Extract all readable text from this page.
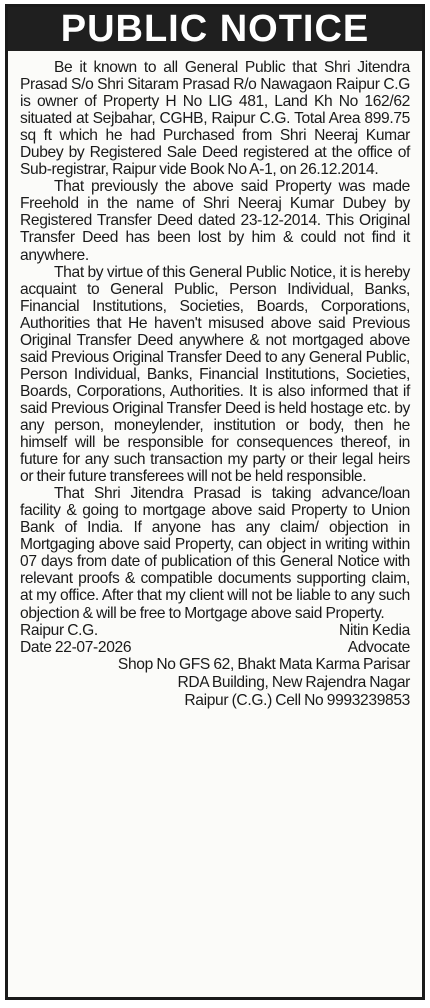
PUBLIC NOTICE

Be it known to all General Public that Shri Jitendra Prasad S/o Shri Sitaram Prasad R/o Nawagaon Raipur C.G is owner of Property H No LIG 481, Land Kh No 162/62 situated at Sejbahar, CGHB, Raipur C.G. Total Area 899.75 sq ft which he had Purchased from Shri Neeraj Kumar Dubey by Registered Sale Deed registered at the office of Sub-registrar, Raipur vide Book No A-1, on 26.12.2014.

That previously the above said Property was made Freehold in the name of Shri Neeraj Kumar Dubey by Registered Transfer Deed dated 23-12-2014. This Original Transfer Deed has been lost by him & could not find it anywhere.

That by virtue of this General Public Notice, it is hereby acquaint to General Public, Person Individual, Banks, Financial Institutions, Societies, Boards, Corporations, Authorities that He haven't misused above said Previous Original Transfer Deed anywhere & not mortgaged above said Previous Original Transfer Deed to any General Public, Person Individual, Banks, Financial Institutions, Societies, Boards, Corporations, Authorities. It is also informed that if said Previous Original Transfer Deed is held hostage etc. by any person, moneylender, institution or body, then he himself will be responsible for consequences thereof, in future for any such transaction my party or their legal heirs or their future transferees will not be held responsible.

That Shri Jitendra Prasad is taking advance/loan facility & going to mortgage above said Property to Union Bank of India. If anyone has any claim/ objection in Mortgaging above said Property, can object in writing within 07 days from date of publication of this General Notice with relevant proofs & compatible documents supporting claim, at my office. After that my client will not be liable to any such objection & will be free to Mortgage above said Property.

Raipur C.G.	Nitin Kedia
Date 22-07-2026	Advocate
Shop No GFS 62, Bhakt Mata Karma Parisar
RDA Building, New Rajendra Nagar
Raipur (C.G.) Cell No 9993239853
